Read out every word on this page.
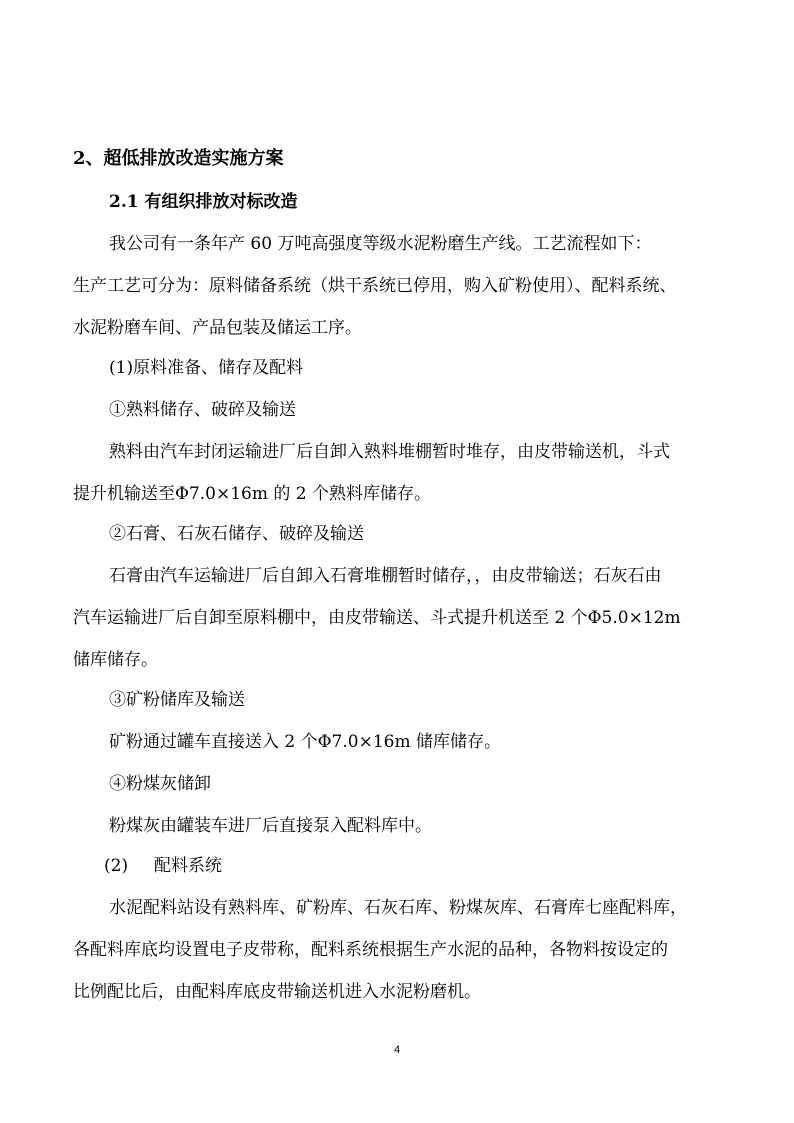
2、超低排放改造实施方案
2.1 有组织排放对标改造
我公司有一条年产 60 万吨高强度等级水泥粉磨生产线。工艺流程如下：
生产工艺可分为：原料储备系统（烘干系统已停用，购入矿粉使用）、配料系统、
水泥粉磨车间、产品包装及储运工序。
(1)原料准备、储存及配料
①熟料储存、破碎及输送
熟料由汽车封闭运输进厂后自卸入熟料堆棚暂时堆存，由皮带输送机，斗式
提升机输送至Φ7.0×16m 的 2 个熟料库储存。
②石膏、石灰石储存、破碎及输送
石膏由汽车运输进厂后自卸入石膏堆棚暂时储存，，由皮带输送；石灰石由
汽车运输进厂后自卸至原料棚中，由皮带输送、斗式提升机送至 2 个Φ5.0×12m
储库储存。
③矿粉储库及输送
矿粉通过罐车直接送入 2 个Φ7.0×16m 储库储存。
④粉煤灰储卸
粉煤灰由罐装车进厂后直接泵入配料库中。
(2) 配料系统
水泥配料站设有熟料库、矿粉库、石灰石库、粉煤灰库、石膏库七座配料库，
各配料库底均设置电子皮带称，配料系统根据生产水泥的品种，各物料按设定的
比例配比后，由配料库底皮带输送机进入水泥粉磨机。
4
